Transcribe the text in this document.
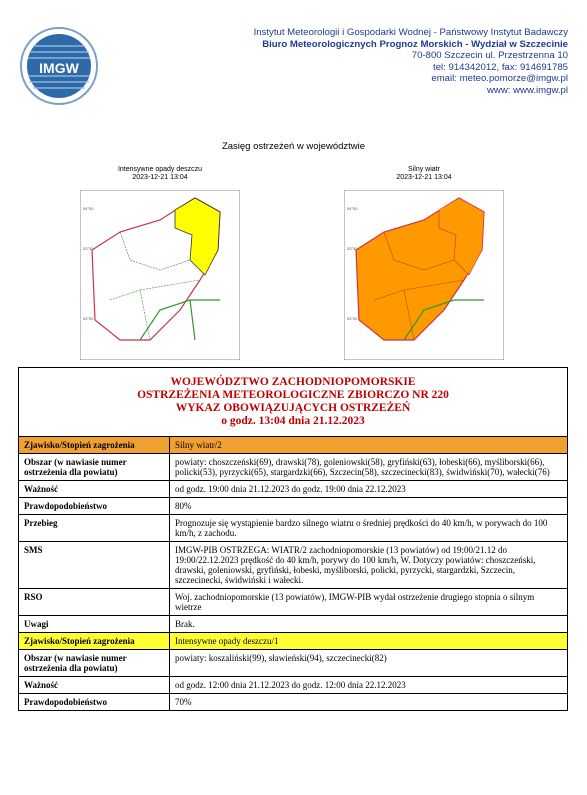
IMGW
Instytut Meteorologii i Gospodarki Wodnej - Państwowy Instytut Badawczy
Biuro Meteorologicznych Prognoz Morskich - Wydział w Szczecinie
70-800 Szczecin ul. Przestrzenna 10
tel: 914342012, fax: 914691785
email: meteo.pomorze@imgw.pl
www: www.imgw.pl
Zasięg ostrzeżeń w województwie
Intensywne opady deszczu
2023-12-21 13:04
Silny wiatr
2023-12-21 13:04
54°00
53°30
53°00
54°00
53°30
53°00
WOJEWÓDZTWO ZACHODNIOPOMORSKIE
OSTRZEŻENIA METEOROLOGICZNE ZBIORCZO NR 220
WYKAZ OBOWIĄZUJĄCYCH OSTRZEŻEŃ
o godz. 13:04 dnia 21.12.2023	

Zjawisko/Stopień zagrożenia	Silny wiatr/2
Obszar (w nawiasie numer ostrzeżenia dla powiatu)	powiaty: choszczeński(69), drawski(78), goleniowski(58), gryfiński(63), łobeski(66), myśliborski(66), policki(53), pyrzycki(65), stargardzki(66), Szczecin(58), szczecinecki(83), świdwiński(70), wałecki(76)
Ważność	od godz. 19:00 dnia 21.12.2023 do godz. 19:00 dnia 22.12.2023
Prawdopodobieństwo	80%
Przebieg	Prognozuje się wystąpienie bardzo silnego wiatru o średniej prędkości do 40 km/h, w porywach do 100 km/h, z zachodu.
SMS	IMGW-PIB OSTRZEGA: WIATR/2 zachodniopomorskie (13 powiatów) od 19:00/21.12 do 19:00/22.12.2023 prędkość do 40 km/h, porywy do 100 km/h, W. Dotyczy powiatów: choszczeński, drawski, goleniowski, gryfiński, łobeski, myśliborski, policki, pyrzycki, stargardzki, Szczecin, szczecinecki, świdwiński i wałecki.
RSO	Woj. zachodniopomorskie (13 powiatów), IMGW-PIB wydał ostrzeżenie drugiego stopnia o silnym wietrze
Uwagi	Brak.
Zjawisko/Stopień zagrożenia	Intensywne opady deszczu/1
Obszar (w nawiasie numer ostrzeżenia dla powiatu)	powiaty: koszaliński(99), sławieński(94), szczecinecki(82)
Ważność	od godz. 12:00 dnia 21.12.2023 do godz. 12:00 dnia 22.12.2023
Prawdopodobieństwo	70%
